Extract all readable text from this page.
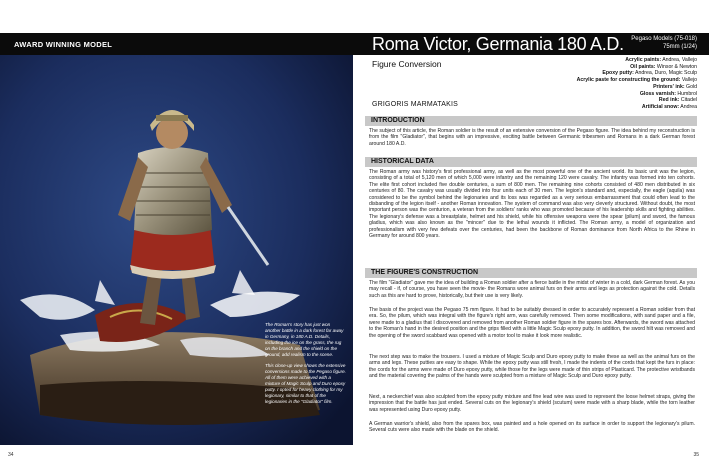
AWARD WINNING MODEL	Roma Victor, Germania 180 A.D. Pegaso Models (75-018)
75mm (1/24)

The Roman's story has just won another battle in a dark forest far away in Germany, in 180 A.D. Details, including the ice on the grass, the rug on the branch and the shield on the ground, add realism to the scene.

This close-up view shows the extensive conversions made to the Pegaso figure. All of them were achieved with a mixture of Magic Sculp and Duro epoxy putty. I opted for heavy clothing for my legionary, similar to that of the legionaries in the "Gladiator" film.

Figure Conversion
GRIGORIS MARMATAKIS
Acrylic paints: Andrea, Vallejo
Oil paints: Winsor & Newton
Epoxy putty: Andrea, Duro, Magic Sculp
Acrylic paste for constructing the ground: Vallejo
Printers' ink: Gold
Gloss varnish: Humbrol
Red ink: Citadel
Artificial snow: Andrea
INTRODUCTION
The subject of this article, the Roman soldier is the result of an extensive conversion of the Pegaso figure. The idea behind my reconstruction is from the film "Gladiator", that begins with an impressive, exciting battle between Germanic tribesmen and Romans in a dark German forest around 180 A.D.
HISTORICAL DATA
The Roman army was history's first professional army, as well as the most powerful one of the ancient world. Its basic unit was the legion, consisting of a total of 5,120 men of which 5,000 were infantry and the remaining 120 were cavalry. The infantry was formed into ten cohorts. The elite first cohort included five double centuries, a sum of 800 men. The remaining nine cohorts consisted of 480 men distributed in six centuries of 80. The cavalry was usually divided into four units each of 30 men. The legion's standard and, especially, the eagle (aquila) was considered to be the symbol behind the legionaries and its loss was regarded as a very serious embarrassment that could often lead to the disbanding of the legion itself - another Roman innovation. The system of command was also very cleverly structured. Without doubt, the most important person was the centurion, a veteran from the soldiers' ranks who was promoted because of his leadership skills and fighting abilities. The legionary's defense was a breastplate, helmet and his shield, while his offensive weapons were the spear (pilum) and sword, the famous gladius, which was also known as the "mincer" due to the lethal wounds it inflicted. The Roman army, a model of organization and professionalism with very few defeats over the centuries, had been the backbone of Roman dominance from North Africa to the Rhine in Germany for around 800 years.
THE FIGURE'S CONSTRUCTION
The film "Gladiator" gave me the idea of building a Roman soldier after a fierce battle in the midst of winter in a cold, dark German forest. As you may recall - if, of course, you have seen the movie- the Romans wore animal furs on their arms and legs as protection against the cold. Details such as this are hard to prove, historically, but their use is very likely.
The basis of the project was the Pegaso 75 mm figure. It had to be suitably dressed in order to accurately represent a Roman soldier from that era. So, the pilum, which was integral with the figure's right arm, was carefully removed. Then some modifications, with sand paper and a file, were made to a gladius that I discovered and removed from another Roman soldier figure in the spares box. Afterwards, the sword was attached to the Roman's hand in the desired position and the grips filled with a little Magic Sculp epoxy putty. In addition, the sword hilt was removed and the opening of the sword scabbard was opened with a motor tool to make it look more realistic.
The next step was to make the trousers. I used a mixture of Magic Sculp and Duro epoxy putty to make these as well as the animal furs on the arms and legs. These putties are easy to shape. While the epoxy putty was still fresh, I made the indents of the cords that kept the furs in place: the cords for the arms were made of Duro epoxy putty, while those for the legs were made of thin strips of Plasticard. The protective wristbands and the material covering the palms of the hands were sculpted from a mixture of Magic Sculp and Duro epoxy putty.
Next, a neckerchief was also sculpted from the epoxy putty mixture and fine lead wire was used to represent the loose helmet straps, giving the impression that the battle has just ended. Several cuts on the legionary's shield (scutum) were made with a sharp blade, while the torn leather was represented using Duro epoxy putty.
A German warrior's shield, also from the spares box, was painted and a hole opened on its surface in order to support the legionary's pilum. Several cuts were also made with the blade on the shield.
34	35
